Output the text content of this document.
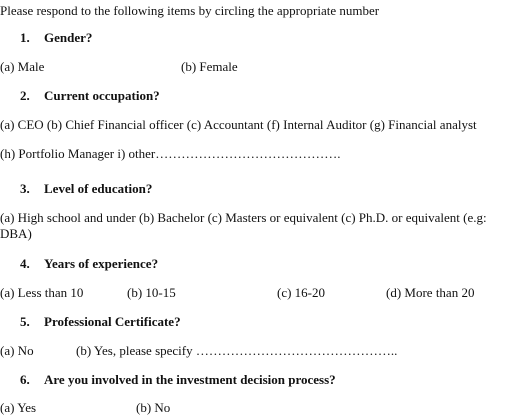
Please respond to the following items by circling the appropriate number
1. Gender?
(a) Male	(b) Female
2. Current occupation?
(a) CEO (b) Chief Financial officer (c) Accountant (f) Internal Auditor (g) Financial analyst
(h) Portfolio Manager i) other…………………………………….
3. Level of education?
(a) High school and under (b) Bachelor (c) Masters or equivalent (c) Ph.D. or equivalent (e.g:
DBA)
4. Years of experience?
(a) Less than 10	(b) 10-15	(c) 16-20	(d) More than 20
5. Professional Certificate?
(a) No	(b) Yes, please specify ………………………………………..
6. Are you involved in the investment decision process?
(a) Yes	(b) No
